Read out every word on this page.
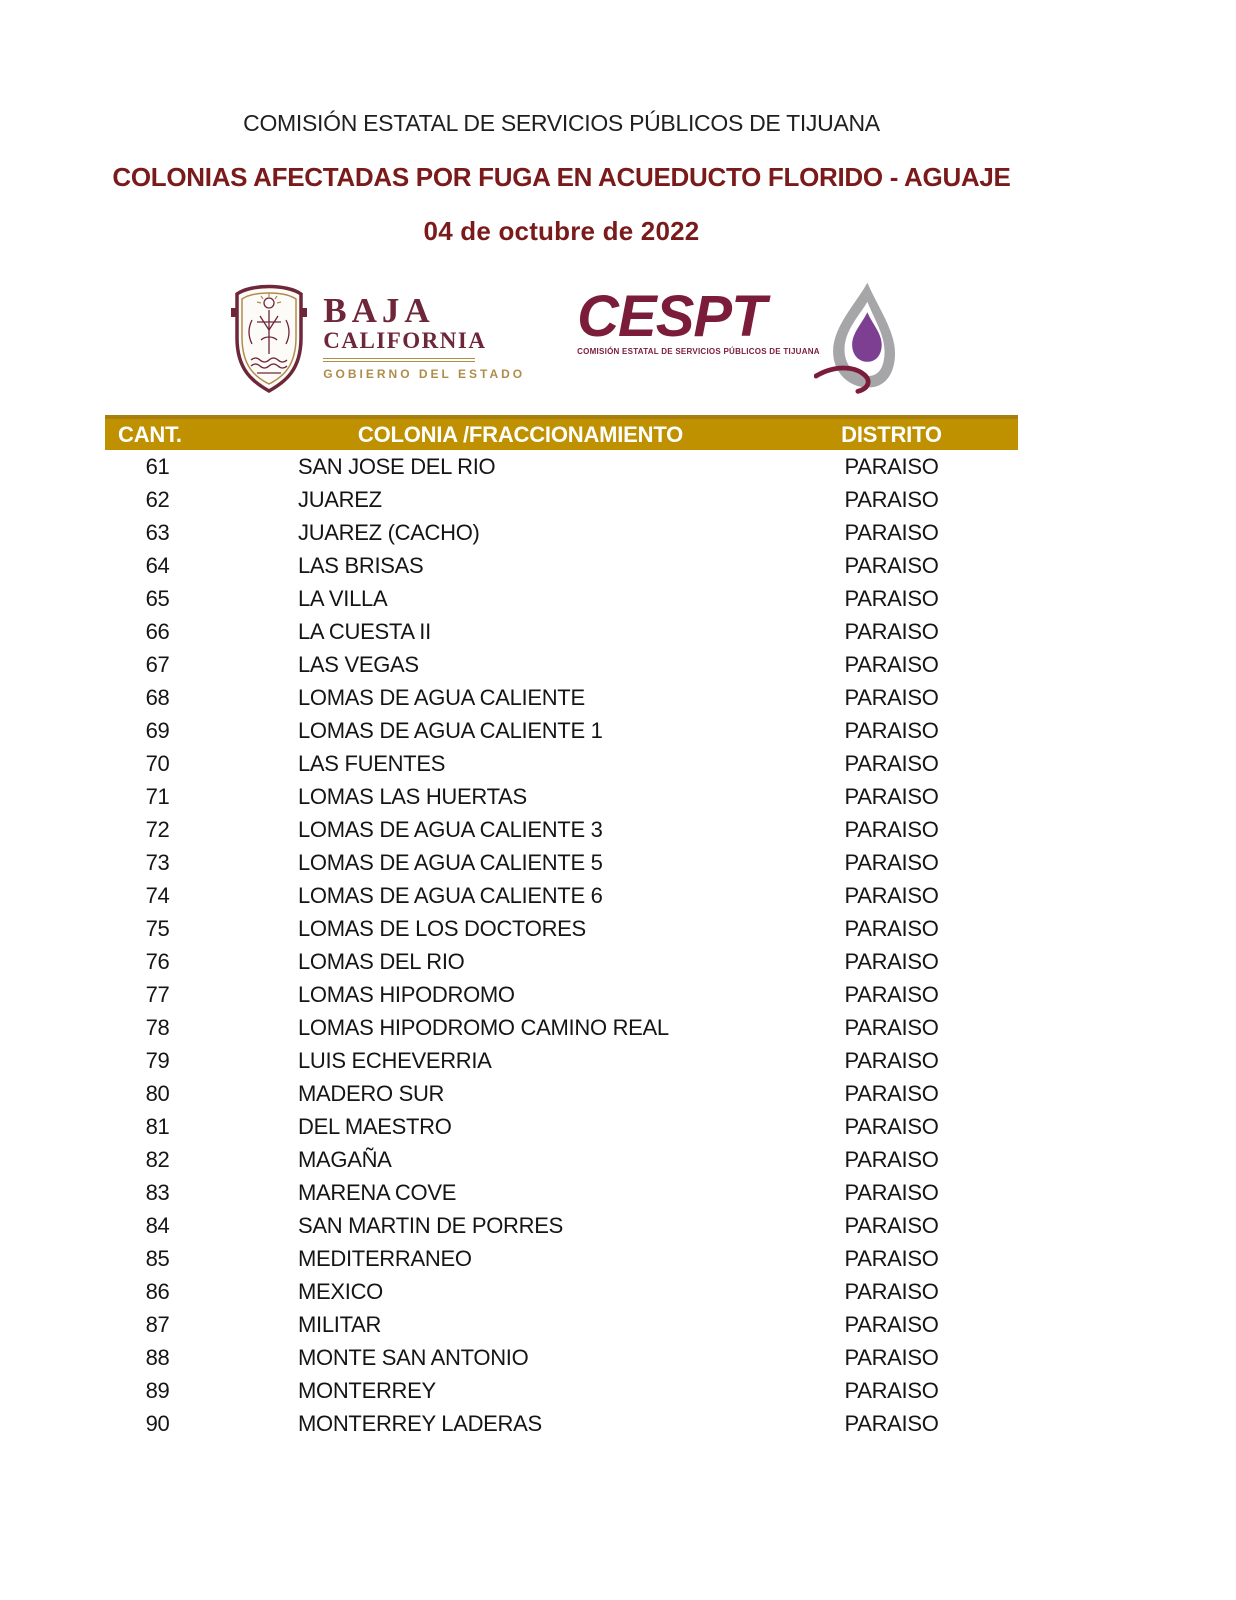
COMISIÓN ESTATAL DE SERVICIOS PÚBLICOS DE TIJUANA
COLONIAS AFECTADAS POR FUGA EN ACUEDUCTO FLORIDO - AGUAJE
04 de octubre de 2022
BAJA
CALIFORNIA
GOBIERNO DEL ESTADO
CESPT
COMISIÓN ESTATAL DE SERVICIOS PÚBLICOS DE TIJUANA
CANT.	COLONIA /FRACCIONAMIENTO	DISTRITO
61	SAN JOSE DEL RIO	PARAISO
62	JUAREZ	PARAISO
63	JUAREZ (CACHO)	PARAISO
64	LAS BRISAS	PARAISO
65	LA VILLA	PARAISO
66	LA CUESTA II	PARAISO
67	LAS VEGAS	PARAISO
68	LOMAS DE AGUA CALIENTE	PARAISO
69	LOMAS DE AGUA CALIENTE 1	PARAISO
70	LAS FUENTES	PARAISO
71	LOMAS LAS HUERTAS	PARAISO
72	LOMAS DE AGUA CALIENTE 3	PARAISO
73	LOMAS DE AGUA CALIENTE 5	PARAISO
74	LOMAS DE AGUA CALIENTE 6	PARAISO
75	LOMAS DE LOS DOCTORES	PARAISO
76	LOMAS DEL RIO	PARAISO
77	LOMAS HIPODROMO	PARAISO
78	LOMAS HIPODROMO CAMINO REAL	PARAISO
79	LUIS ECHEVERRIA	PARAISO
80	MADERO SUR	PARAISO
81	DEL MAESTRO	PARAISO
82	MAGAÑA	PARAISO
83	MARENA COVE	PARAISO
84	SAN MARTIN DE PORRES	PARAISO
85	MEDITERRANEO	PARAISO
86	MEXICO	PARAISO
87	MILITAR	PARAISO
88	MONTE SAN ANTONIO	PARAISO
89	MONTERREY	PARAISO
90	MONTERREY LADERAS	PARAISO
